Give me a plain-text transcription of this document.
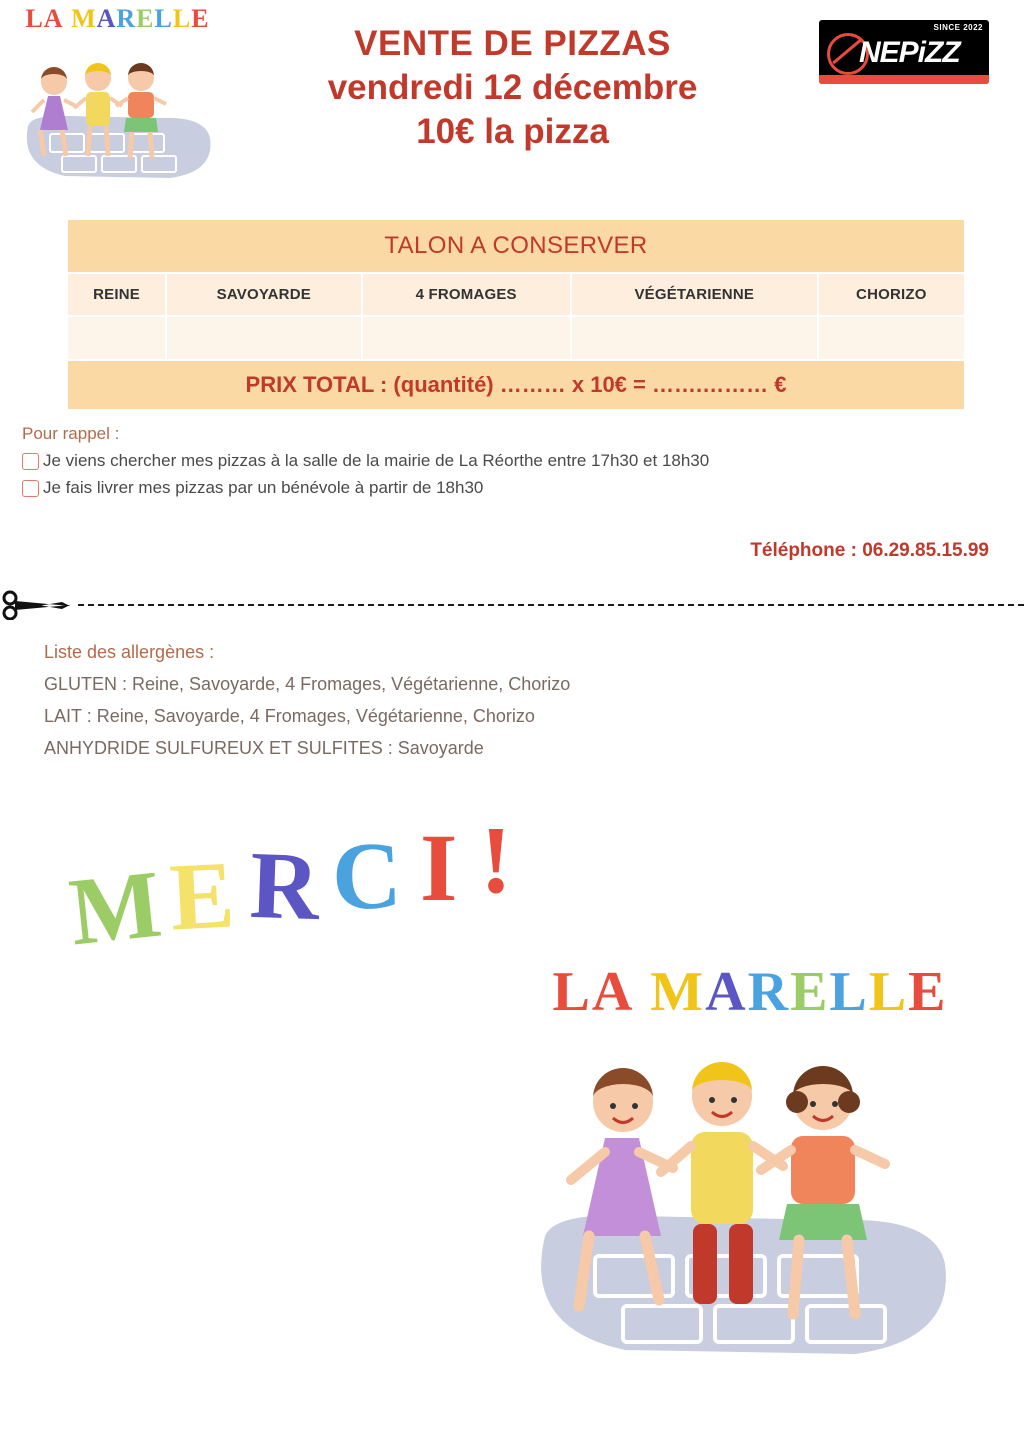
LA MARELLE
VENTE DE PIZZAS
vendredi 12 décembre
10€ la pizza
SINCE 2022
NEPiZZ
TALON A CONSERVER				
REINE	SAVOYARDE	4 FROMAGES	VÉGÉTARIENNE	CHORIZO

PRIX TOTAL : (quantité) ……… x 10€ = …….……… €				
Pour rappel :
Je viens chercher mes pizzas à la salle de la mairie de La Réorthe entre 17h30 et 18h30
Je fais livrer mes pizzas par un bénévole à partir de 18h30
Téléphone : 06.29.85.15.99
Liste des allergènes :
GLUTEN : Reine, Savoyarde, 4 Fromages, Végétarienne, Chorizo
LAIT : Reine, Savoyarde, 4 Fromages, Végétarienne, Chorizo
ANHYDRIDE SULFUREUX ET SULFITES : Savoyarde
M E R C I !
LA MARELLE
